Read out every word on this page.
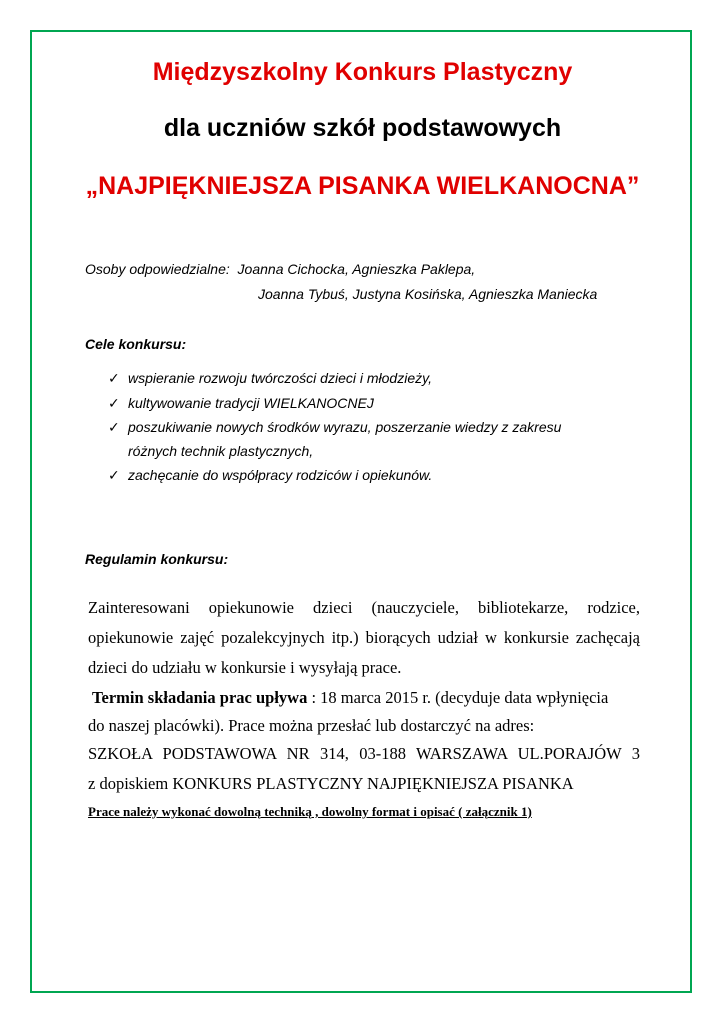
Międzyszkolny Konkurs Plastyczny
dla uczniów szkół podstawowych
„NAJPIĘKNIEJSZA PISANKA WIELKANOCNA”
Osoby odpowiedzialne: Joanna Cichocka, Agnieszka Paklepa,
Joanna Tybuś, Justyna Kosińska, Agnieszka Maniecka
Cele konkursu:
✓ wspieranie rozwoju twórczości dzieci i młodzieży,
✓ kultywowanie tradycji WIELKANOCNEJ
✓ poszukiwanie nowych środków wyrazu, poszerzanie wiedzy z zakresu
różnych technik plastycznych,
✓ zachęcanie do współpracy rodziców i opiekunów.
Regulamin konkursu:
Zainteresowani opiekunowie dzieci (nauczyciele, bibliotekarze, rodzice,
opiekunowie zajęć pozalekcyjnych itp.) biorących udział w konkursie zachęcają
dzieci do udziału w konkursie i wysyłają prace.
Termin składania prac upływa : 18 marca 2015 r. (decyduje data wpłynięcia
do naszej placówki). Prace można przesłać lub dostarczyć na adres:
SZKOŁA PODSTAWOWA NR 314, 03-188 WARSZAWA UL.PORAJÓW 3
z dopiskiem KONKURS PLASTYCZNY NAJPIĘKNIEJSZA PISANKA
Prace należy wykonać dowolną techniką , dowolny format i opisać ( załącznik 1)
